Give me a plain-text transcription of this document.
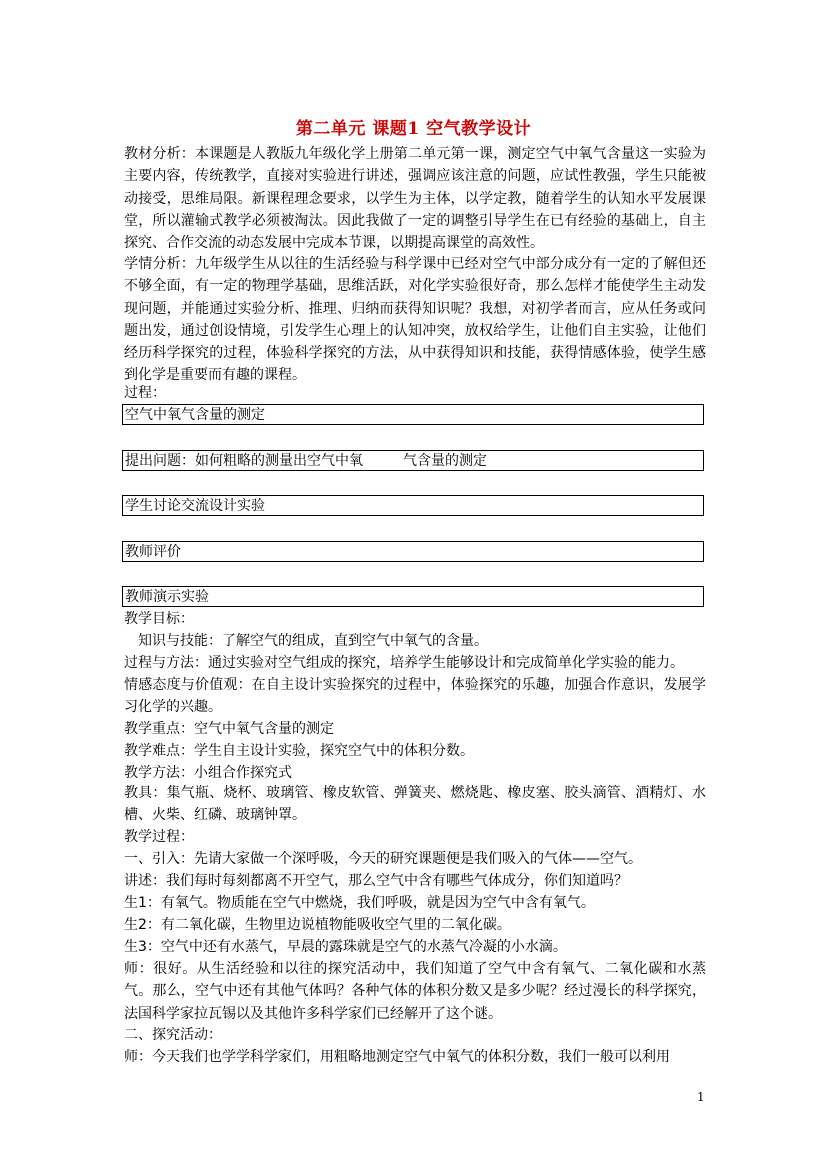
第二单元 课题1 空气教学设计

教材分析：本课题是人教版九年级化学上册第二单元第一课，测定空气中氧气含量这一实验为主要内容，传统教学，直接对实验进行讲述，强调应该注意的问题，应试性教强，学生只能被动接受，思维局限。新课程理念要求，以学生为主体，以学定教，随着学生的认知水平发展课堂，所以灌输式教学必须被淘汰。因此我做了一定的调整引导学生在已有经验的基础上，自主探究、合作交流的动态发展中完成本节课，以期提高课堂的高效性。

学情分析：九年级学生从以往的生活经验与科学课中已经对空气中部分成分有一定的了解但还不够全面，有一定的物理学基础，思维活跃，对化学实验很好奇，那么怎样才能使学生主动发现问题，并能通过实验分析、推理、归纳而获得知识呢？我想，对初学者而言，应从任务或问题出发，通过创设情境，引发学生心理上的认知冲突，放权给学生，让他们自主实验，让他们经历科学探究的过程，体验科学探究的方法，从中获得知识和技能，获得情感体验，使学生感到化学是重要而有趣的课程。

过程：
空气中氧气含量的测定
提出问题：如何粗略的测量出空气中氧	气含量的测定
学生讨论交流设计实验
教师评价
教师演示实验
教学目标：
知识与技能：了解空气的组成，直到空气中氧气的含量。
过程与方法：通过实验对空气组成的探究，培养学生能够设计和完成简单化学实验的能力。

情感态度与价值观：在自主设计实验探究的过程中，体验探究的乐趣，加强合作意识，发展学习化学的兴趣。

教学重点：空气中氧气含量的测定
教学难点：学生自主设计实验，探究空气中的体积分数。
教学方法：小组合作探究式

教具：集气瓶、烧杯、玻璃管、橡皮软管、弹簧夹、燃烧匙、橡皮塞、胶头滴管、酒精灯、水槽、火柴、红磷、玻璃钟罩。

教学过程：
一、引入：先请大家做一个深呼吸，今天的研究课题便是我们吸入的气体——空气。
讲述：我们每时每刻都离不开空气，那么空气中含有哪些气体成分，你们知道吗？
生1：有氧气。物质能在空气中燃烧，我们呼吸，就是因为空气中含有氧气。
生2：有二氧化碳，生物里边说植物能吸收空气里的二氧化碳。
生3：空气中还有水蒸气，早晨的露珠就是空气的水蒸气冷凝的小水滴。

师：很好。从生活经验和以往的探究活动中，我们知道了空气中含有氧气、二氧化碳和水蒸气。那么，空气中还有其他气体吗？各种气体的体积分数又是多少呢？经过漫长的科学探究，法国科学家拉瓦锡以及其他许多科学家们已经解开了这个谜。

二、探究活动：
师：今天我们也学学科学家们，用粗略地测定空气中氧气的体积分数，我们一般可以利用
1
